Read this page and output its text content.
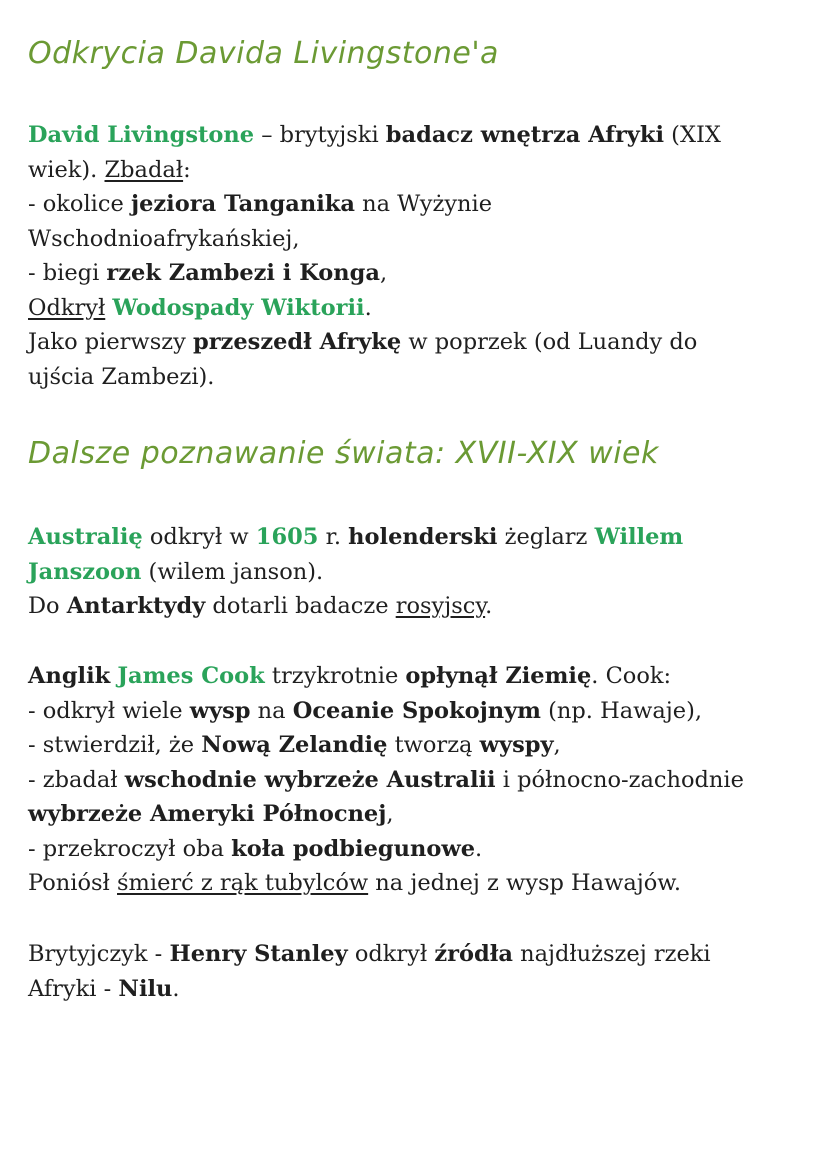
Odkrycia Davida Livingstone'a
David Livingstone – brytyjski badacz wnętrza Afryki (XIX
wiek). Zbadał:
- okolice jeziora Tanganika na Wyżynie
Wschodnioafrykańskiej,
- biegi rzek Zambezi i Konga,
Odkrył Wodospady Wiktorii.
Jako pierwszy przeszedł Afrykę w poprzek (od Luandy do
ujścia Zambezi).
Dalsze poznawanie świata: XVII-XIX wiek
Australię odkrył w 1605 r. holenderski żeglarz Willem
Janszoon (wilem janson).
Do Antarktydy dotarli badacze rosyjscy.
Anglik James Cook trzykrotnie opłynął Ziemię. Cook:
- odkrył wiele wysp na Oceanie Spokojnym (np. Hawaje),
- stwierdził, że Nową Zelandię tworzą wyspy,
- zbadał wschodnie wybrzeże Australii i północno-zachodnie
wybrzeże Ameryki Północnej,
- przekroczył oba koła podbiegunowe.
Poniósł śmierć z rąk tubylców na jednej z wysp Hawajów.
Brytyjczyk - Henry Stanley odkrył źródła najdłuższej rzeki
Afryki - Nilu.
